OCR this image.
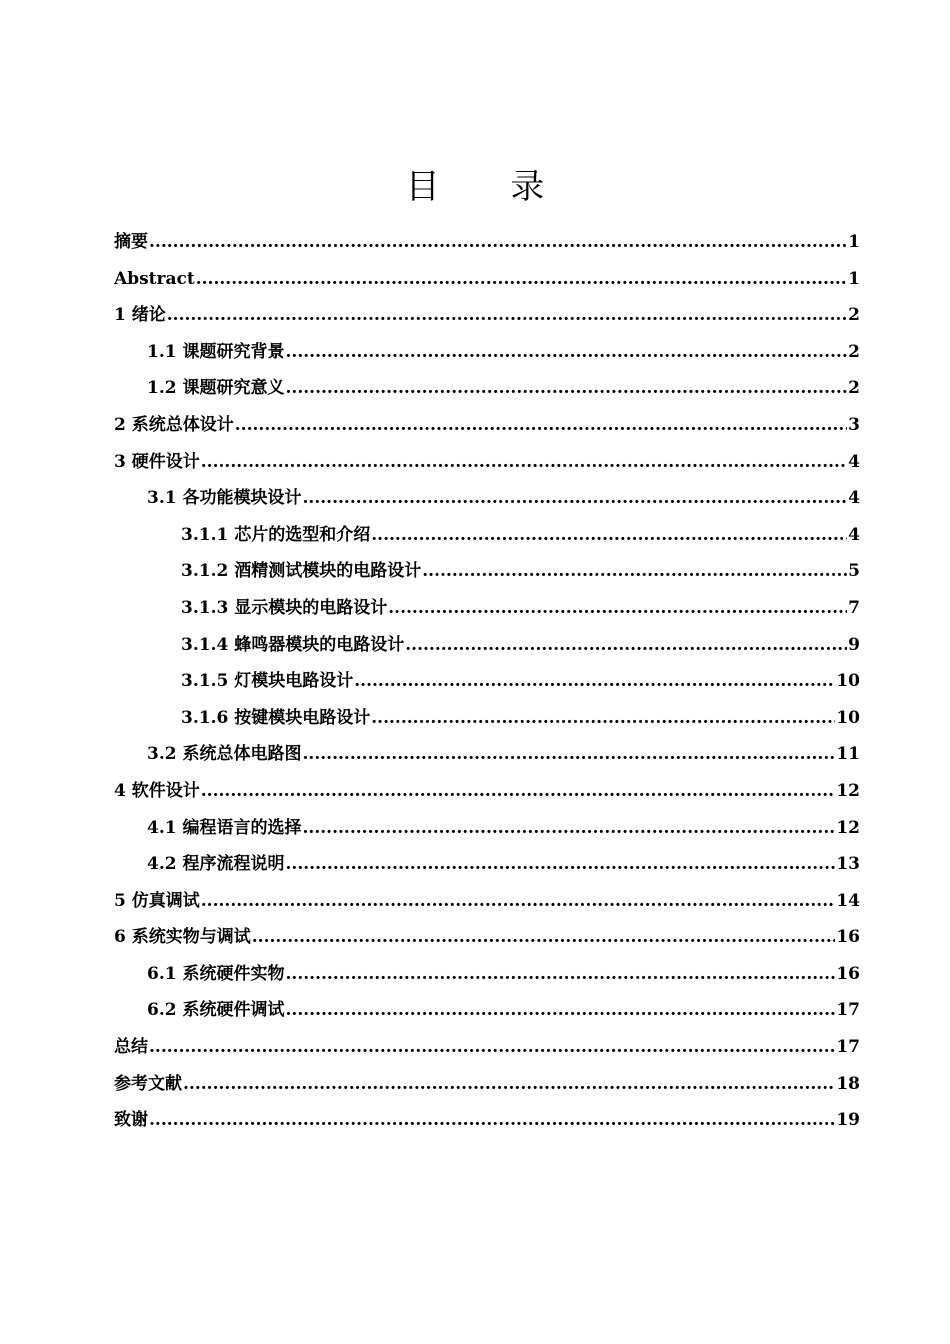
目 录
摘要 .....	1
Abstract .....	1
1 绪论 .....	2
1.1 课题研究背景 .....	2
1.2 课题研究意义 .....	2
2 系统总体设计 .....	3
3 硬件设计 .....	4
3.1 各功能模块设计 .....	4
3.1.1 芯片的选型和介绍 .....	4
3.1.2 酒精测试模块的电路设计 .....	5
3.1.3 显示模块的电路设计 .....	7
3.1.4 蜂鸣器模块的电路设计 .....	9
3.1.5 灯模块电路设计 .....	10
3.1.6 按键模块电路设计 .....	10
3.2 系统总体电路图 .....	11
4 软件设计 .....	12
4.1 编程语言的选择 .....	12
4.2 程序流程说明 .....	13
5 仿真调试 .....	14
6 系统实物与调试 .....	16
6.1 系统硬件实物 .....	16
6.2 系统硬件调试 .....	17
总结 .....	17
参考文献 .....	18
致谢 .....	19
